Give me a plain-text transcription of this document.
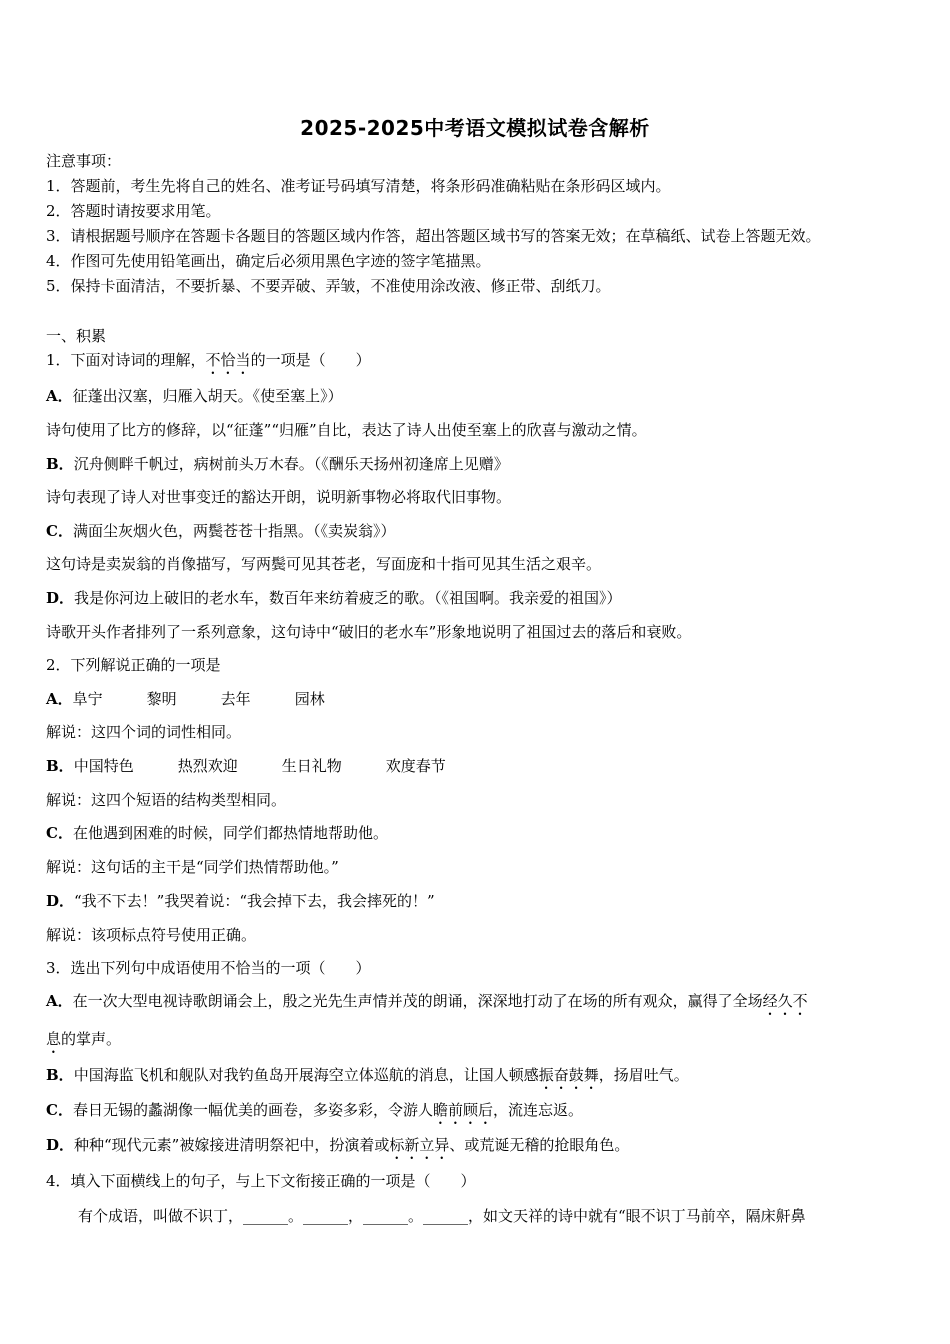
2025-2025中考语文模拟试卷含解析
注意事项：
1．答题前，考生先将自己的姓名、准考证号码填写清楚，将条形码准确粘贴在条形码区域内。
2．答题时请按要求用笔。
3．请根据题号顺序在答题卡各题目的答题区域内作答，超出答题区域书写的答案无效；在草稿纸、试卷上答题无效。
4．作图可先使用铅笔画出，确定后必须用黑色字迹的签字笔描黑。
5．保持卡面清洁，不要折暴、不要弄破、弄皱，不准使用涂改液、修正带、刮纸刀。
一、积累
1．下面对诗词的理解，不恰当的一项是（　　）
A．征蓬出汉塞，归雁入胡天。《使至塞上》）
诗句使用了比方的修辞，以“征蓬”“归雁”自比，表达了诗人出使至塞上的欣喜与激动之情。
B．沉舟侧畔千帆过，病树前头万木春。（《酬乐天扬州初逢席上见赠》
诗句表现了诗人对世事变迁的豁达开朗，说明新事物必将取代旧事物。
C．满面尘灰烟火色，两鬓苍苍十指黑。（《卖炭翁》）
这句诗是卖炭翁的肖像描写，写两鬓可见其苍老，写面庞和十指可见其生活之艰辛。
D．我是你河边上破旧的老水车，数百年来纺着疲乏的歌。（《祖国啊。我亲爱的祖国》）
诗歌开头作者排列了一系列意象，这句诗中“破旧的老水车”形象地说明了祖国过去的落后和衰败。
2．下列解说正确的一项是
A．阜宁	黎明	去年	园林
解说：这四个词的词性相同。
B．中国特色	热烈欢迎	生日礼物	欢度春节
解说：这四个短语的结构类型相同。
C．在他遇到困难的时候，同学们都热情地帮助他。
解说：这句话的主干是“同学们热情帮助他。”
D．“我不下去！”我哭着说：“我会掉下去，我会摔死的！”
解说：该项标点符号使用正确。
3．选出下列句中成语使用不恰当的一项（　　）
A．在一次大型电视诗歌朗诵会上，殷之光先生声情并茂的朗诵，深深地打动了在场的所有观众，赢得了全场经久不
息的掌声。
B．中国海监飞机和舰队对我钓鱼岛开展海空立体巡航的消息，让国人顿感振奋鼓舞，扬眉吐气。
C．春日无锡的蠡湖像一幅优美的画卷，多姿多彩，令游人瞻前顾后，流连忘返。
D．种种“现代元素”被嫁接进清明祭祀中，扮演着或标新立异、或荒诞无稽的抢眼角色。
4．填入下面横线上的句子，与上下文衔接正确的一项是（　　）
有个成语，叫做不识丁，______。______，______。______，如文天祥的诗中就有“眼不识丁马前卒，隔床鼾鼻
